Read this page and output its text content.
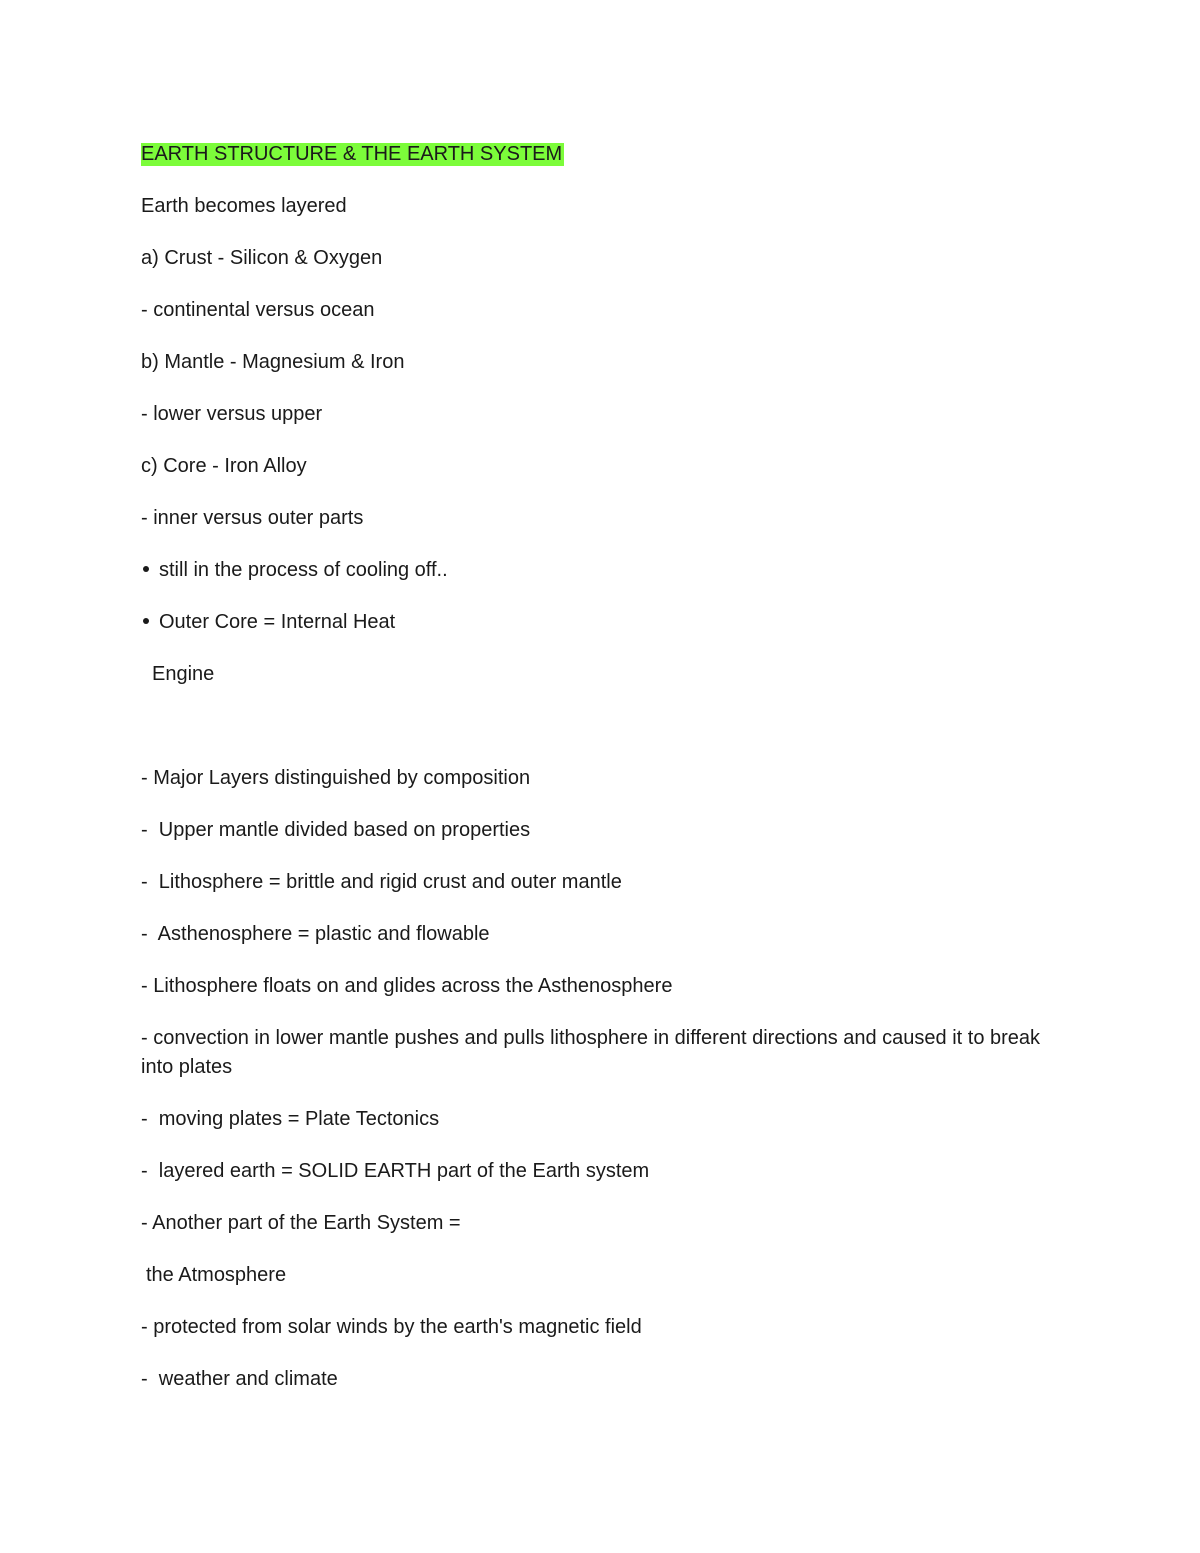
EARTH STRUCTURE & THE EARTH SYSTEM

Earth becomes layered

a) Crust - Silicon & Oxygen

- continental versus ocean

b) Mantle - Magnesium & Iron

- lower versus upper

c) Core - Iron Alloy

- inner versus outer parts

still in the process of cooling off..

Outer Core = Internal Heat

Engine

- Major Layers distinguished by composition

-  Upper mantle divided based on properties

-  Lithosphere = brittle and rigid crust and outer mantle

-  Asthenosphere = plastic and flowable

- Lithosphere floats on and glides across the Asthenosphere

- convection in lower mantle pushes and pulls lithosphere in different directions and caused it to break into plates

-  moving plates = Plate Tectonics

-  layered earth = SOLID EARTH part of the Earth system

- Another part of the Earth System =

the Atmosphere

- protected from solar winds by the earth's magnetic field

-  weather and climate
